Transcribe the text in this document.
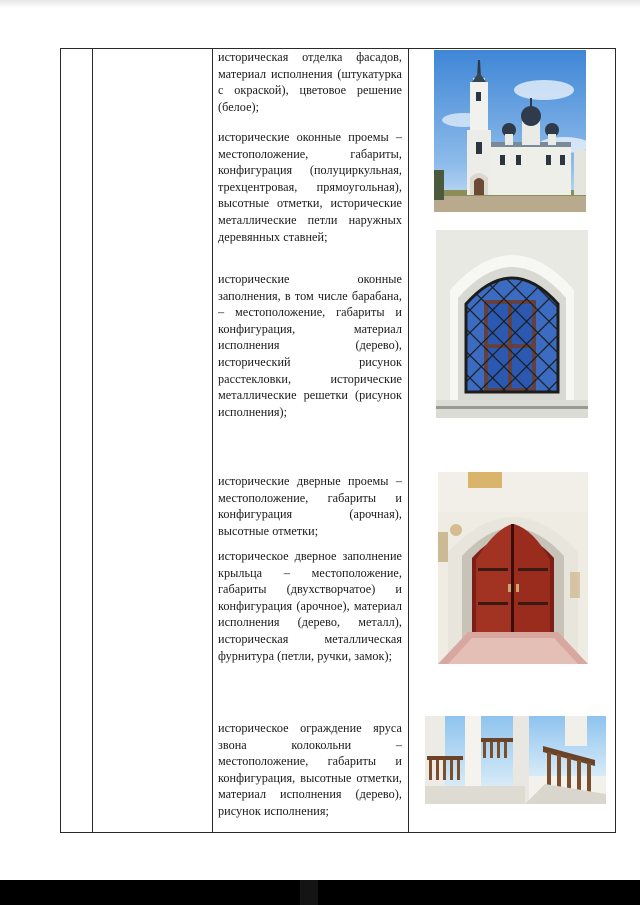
историческая отделка фасадов, материал исполнения (штукатурка с окраской), цветовое решение (белое);

исторические оконные проемы – местоположение, габариты, конфигурация (полуциркульная, трехцентровая, прямоугольная), высотные отметки, исторические металлические петли наружных деревянных ставней;

исторические оконные заполнения, в том числе барабана, – местоположение, габариты и конфигурация, материал исполнения (дерево), исторический рисунок расстекловки, исторические металлические решетки (рисунок исполнения);

исторические дверные проемы – местоположение, габариты и конфигурация (арочная), высотные отметки;

историческое дверное заполнение крыльца – местоположение, габариты (двухстворчатое) и конфигурация (арочное), материал исполнения (дерево, металл), историческая металлическая фурнитура (петли, ручки, замок);

историческое ограждение яруса звона колокольни – местоположение, габариты и конфигурация, высотные отметки, материал исполнения (дерево), рисунок исполнения;
